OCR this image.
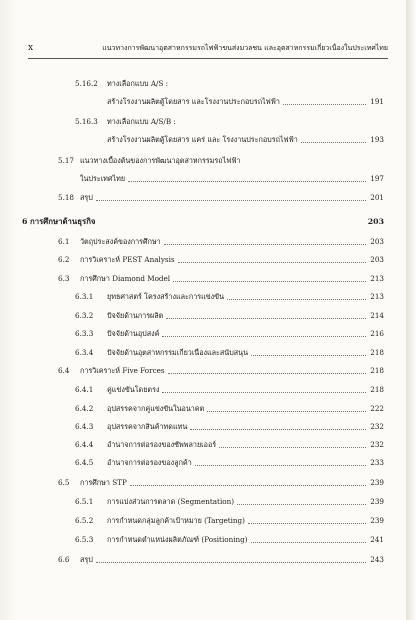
x	แนวทางการพัฒนาอุตสาหกรรมรถไฟฟ้าขนส่งมวลชน และอุตสาหกรรมเกี่ยวเนื่องในประเทศไทย
5.16.2 ทางเลือกแบบ A/S :
สร้างโรงงานผลิตตู้โดยสาร และโรงงานประกอบรถไฟฟ้า	191
5.16.3 ทางเลือกแบบ A/S/B :
สร้างโรงงานผลิตตู้โดยสาร แคร่ และ โรงงานประกอบรถไฟฟ้า	193
5.17 แนวทางเบื้องต้นของการพัฒนาอุตสาหกรรมรถไฟฟ้า
ในประเทศไทย	197
5.18 สรุป	201
6 การศึกษาด้านธุรกิจ	203
6.1 วัตถุประสงค์ของการศึกษา	203
6.2 การวิเคราะห์ PEST Analysis	203
6.3 การศึกษา Diamond Model	213
6.3.1 ยุทธศาสตร์ โครงสร้างและการแข่งขัน	213
6.3.2 ปัจจัยด้านการผลิต	214
6.3.3 ปัจจัยด้านอุปสงค์	216
6.3.4 ปัจจัยด้านอุตสาหกรรมเกี่ยวเนื่องและสนับสนุน	218
6.4 การวิเคราะห์ Five Forces	218
6.4.1 คู่แข่งขันโดยตรง	218
6.4.2 อุปสรรคจากคู่แข่งขันในอนาคต	222
6.4.3 อุปสรรคจากสินค้าทดแทน	232
6.4.4 อำนาจการต่อรองของซัพพลายเออร์	232
6.4.5 อำนาจการต่อรองของลูกค้า	233
6.5 การศึกษา STP	239
6.5.1 การแบ่งส่วนการตลาด (Segmentation)	239
6.5.2 การกำหนดกลุ่มลูกค้าเป้าหมาย (Targeting)	239
6.5.3 การกำหนดตำแหน่งผลิตภัณฑ์ (Positioning)	241
6.6 สรุป	243
